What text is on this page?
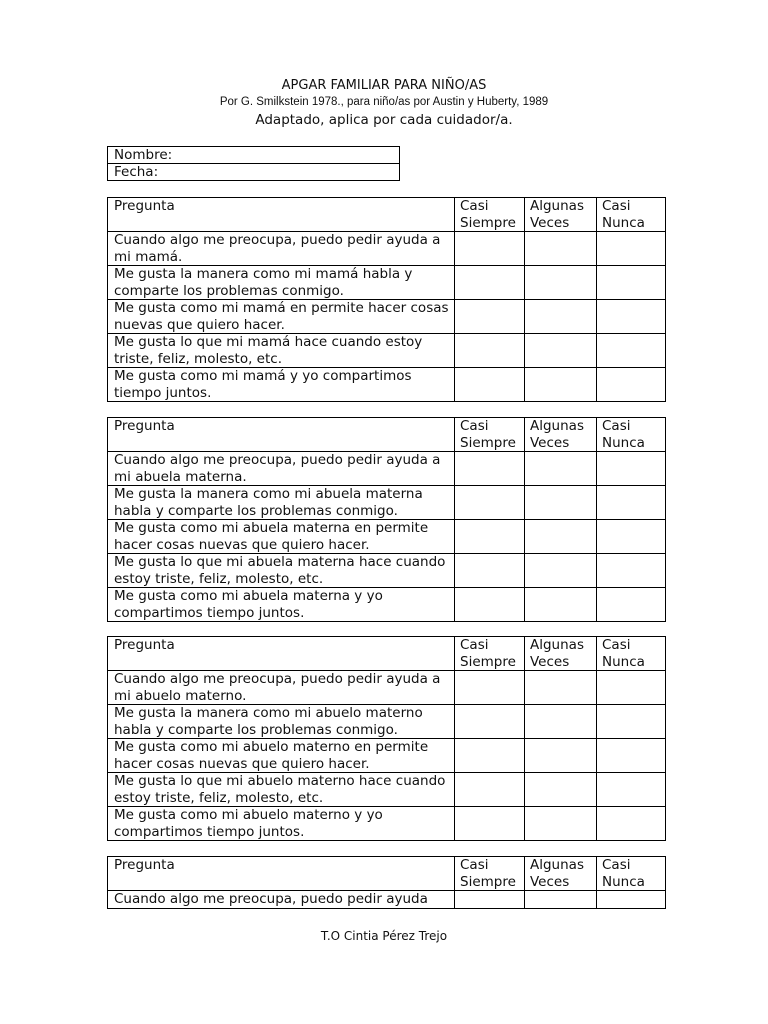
APGAR FAMILIAR PARA NIÑO/AS
Por G. Smilkstein 1978., para niño/as por Austin y Huberty, 1989
Adaptado, aplica por cada cuidador/a.
Nombre:
Fecha:
Pregunta	Casi Siempre	Algunas Veces	Casi Nunca
Cuando algo me preocupa, puedo pedir ayuda a mi mamá.			
Me gusta la manera como mi mamá habla y comparte los problemas conmigo.			
Me gusta como mi mamá en permite hacer cosas nuevas que quiero hacer.			
Me gusta lo que mi mamá hace cuando estoy triste, feliz, molesto, etc.			
Me gusta como mi mamá y yo compartimos tiempo juntos.			
Pregunta	Casi Siempre	Algunas Veces	Casi Nunca
Cuando algo me preocupa, puedo pedir ayuda a mi abuela materna.			
Me gusta la manera como mi abuela materna habla y comparte los problemas conmigo.			
Me gusta como mi abuela materna en permite hacer cosas nuevas que quiero hacer.			
Me gusta lo que mi abuela materna hace cuando estoy triste, feliz, molesto, etc.			
Me gusta como mi abuela materna y yo compartimos tiempo juntos.			
Pregunta	Casi Siempre	Algunas Veces	Casi Nunca
Cuando algo me preocupa, puedo pedir ayuda a mi abuelo materno.			
Me gusta la manera como mi abuelo materno habla y comparte los problemas conmigo.			
Me gusta como mi abuelo materno en permite hacer cosas nuevas que quiero hacer.			
Me gusta lo que mi abuelo materno hace cuando estoy triste, feliz, molesto, etc.			
Me gusta como mi abuelo materno y yo compartimos tiempo juntos.			
Pregunta	Casi Siempre	Algunas Veces	Casi Nunca
Cuando algo me preocupa, puedo pedir ayuda			
T.O Cintia Pérez Trejo
